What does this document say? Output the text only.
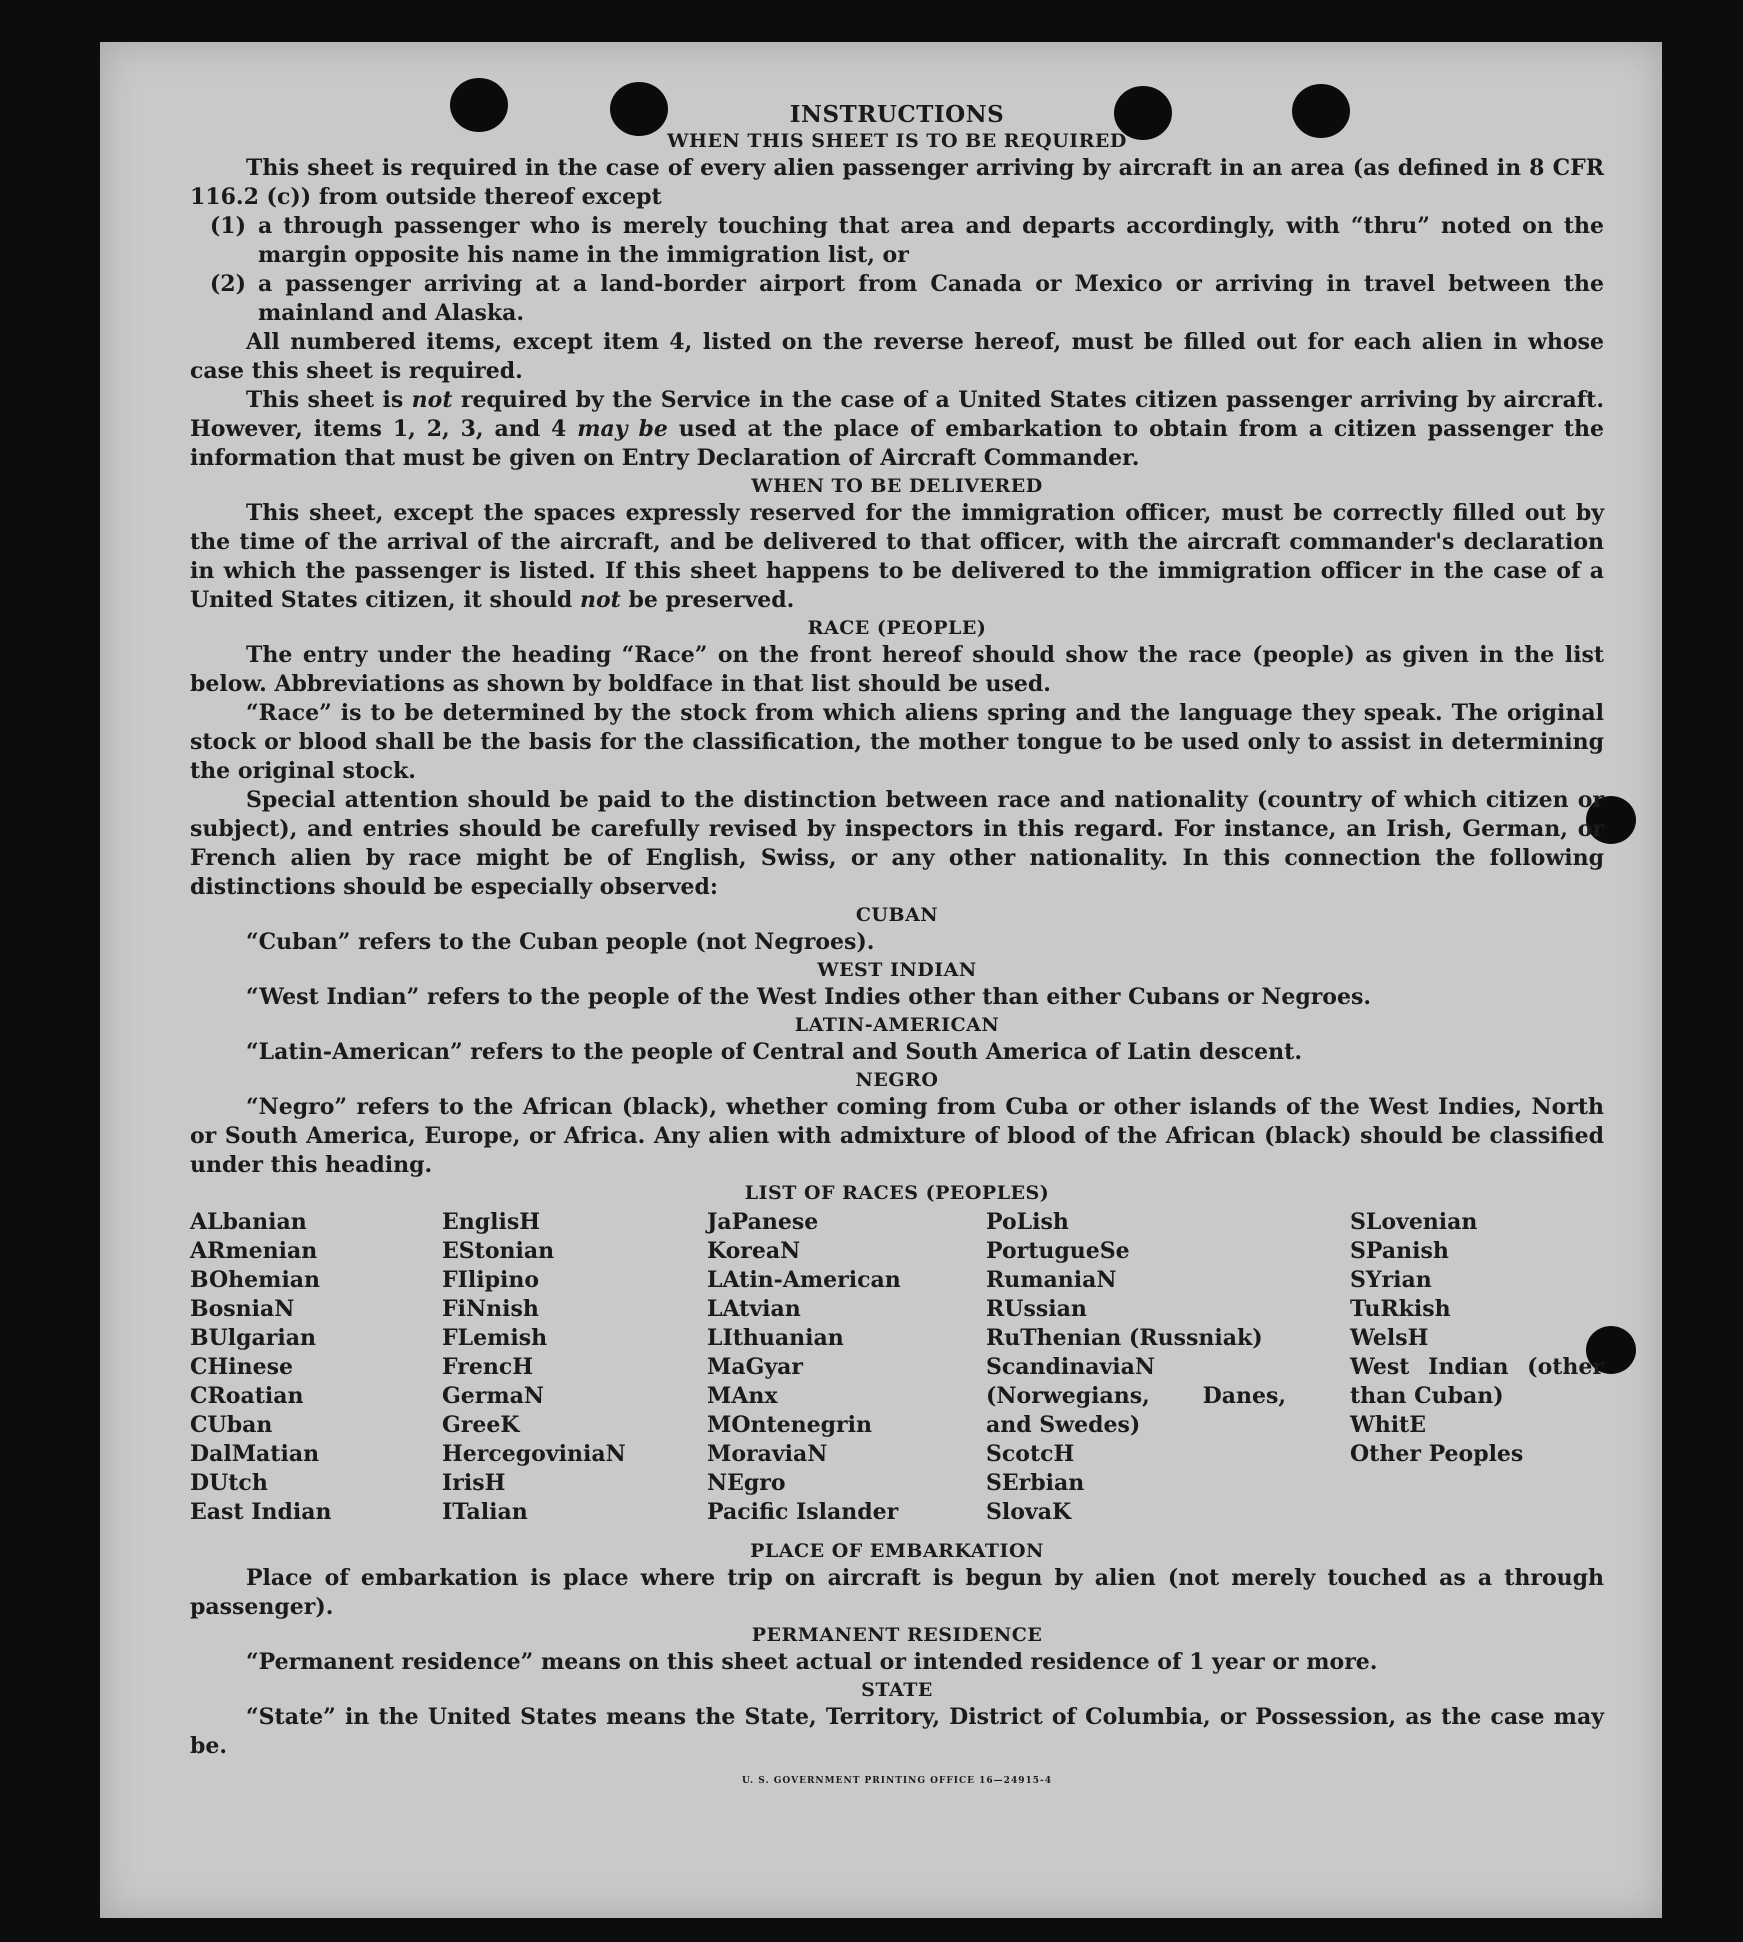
INSTRUCTIONS
WHEN THIS SHEET IS TO BE REQUIRED

This sheet is required in the case of every alien passenger arriving by aircraft in an area (as defined in 8 CFR 116.2 (c)) from outside thereof except

(1) a through passenger who is merely touching that area and departs accordingly, with “thru” noted on the margin opposite his name in the immigration list, or
(2) a passenger arriving at a land-border airport from Canada or Mexico or arriving in travel between the mainland and Alaska.

All numbered items, except item 4, listed on the reverse hereof, must be filled out for each alien in whose case this sheet is required.

This sheet is not required by the Service in the case of a United States citizen passenger arriving by aircraft. However, items 1, 2, 3, and 4 may be used at the place of embarkation to obtain from a citizen passenger the information that must be given on Entry Declaration of Aircraft Commander.

WHEN TO BE DELIVERED

This sheet, except the spaces expressly reserved for the immigration officer, must be correctly filled out by the time of the arrival of the aircraft, and be delivered to that officer, with the aircraft commander's declaration in which the passenger is listed. If this sheet happens to be delivered to the immigration officer in the case of a United States citizen, it should not be preserved.

RACE (PEOPLE)

The entry under the heading “Race” on the front hereof should show the race (people) as given in the list below. Abbreviations as shown by boldface in that list should be used.

“Race” is to be determined by the stock from which aliens spring and the language they speak. The original stock or blood shall be the basis for the classification, the mother tongue to be used only to assist in determining the original stock.

Special attention should be paid to the distinction between race and nationality (country of which citizen or subject), and entries should be carefully revised by inspectors in this regard. For instance, an Irish, German, or French alien by race might be of English, Swiss, or any other nationality. In this connection the following distinctions should be especially observed:

CUBAN

“Cuban” refers to the Cuban people (not Negroes).

WEST INDIAN

“West Indian” refers to the people of the West Indies other than either Cubans or Negroes.

LATIN-AMERICAN

“Latin-American” refers to the people of Central and South America of Latin descent.

NEGRO

“Negro” refers to the African (black), whether coming from Cuba or other islands of the West Indies, North or South America, Europe, or Africa. Any alien with admixture of blood of the African (black) should be classified under this heading.

LIST OF RACES (PEOPLES)
ALbanian
ARmenian
BOhemian
BosniaN
BUlgarian
CHinese
CRoatian
CUban
DalMatian
DUtch
East Indian
EnglisH
EStonian
FIlipino
FiNnish
FLemish
FrencH
GermaN
GreeK
HercegoviniaN
IrisH
ITalian
JaPanese
KoreaN
LAtin-American
LAtvian
LIthuanian
MaGyar
MAnx
MOntenegrin
MoraviaN
NEgro
Pacific Islander
PoLish
PortugueSe
RumaniaN
RUssian
RuThenian (Russniak)
ScandinaviaN (Norwegians, Danes, and Swedes)
ScotcH
SErbian
SlovaK
SLovenian
SPanish
SYrian
TuRkish
WelsH
West Indian (other than Cuban)
WhitE
Other Peoples
PLACE OF EMBARKATION

Place of embarkation is place where trip on aircraft is begun by alien (not merely touched as a through passenger).

PERMANENT RESIDENCE

“Permanent residence” means on this sheet actual or intended residence of 1 year or more.

STATE

“State” in the United States means the State, Territory, District of Columbia, or Possession, as the case may be.

U. S. GOVERNMENT PRINTING OFFICE 16—24915-4
